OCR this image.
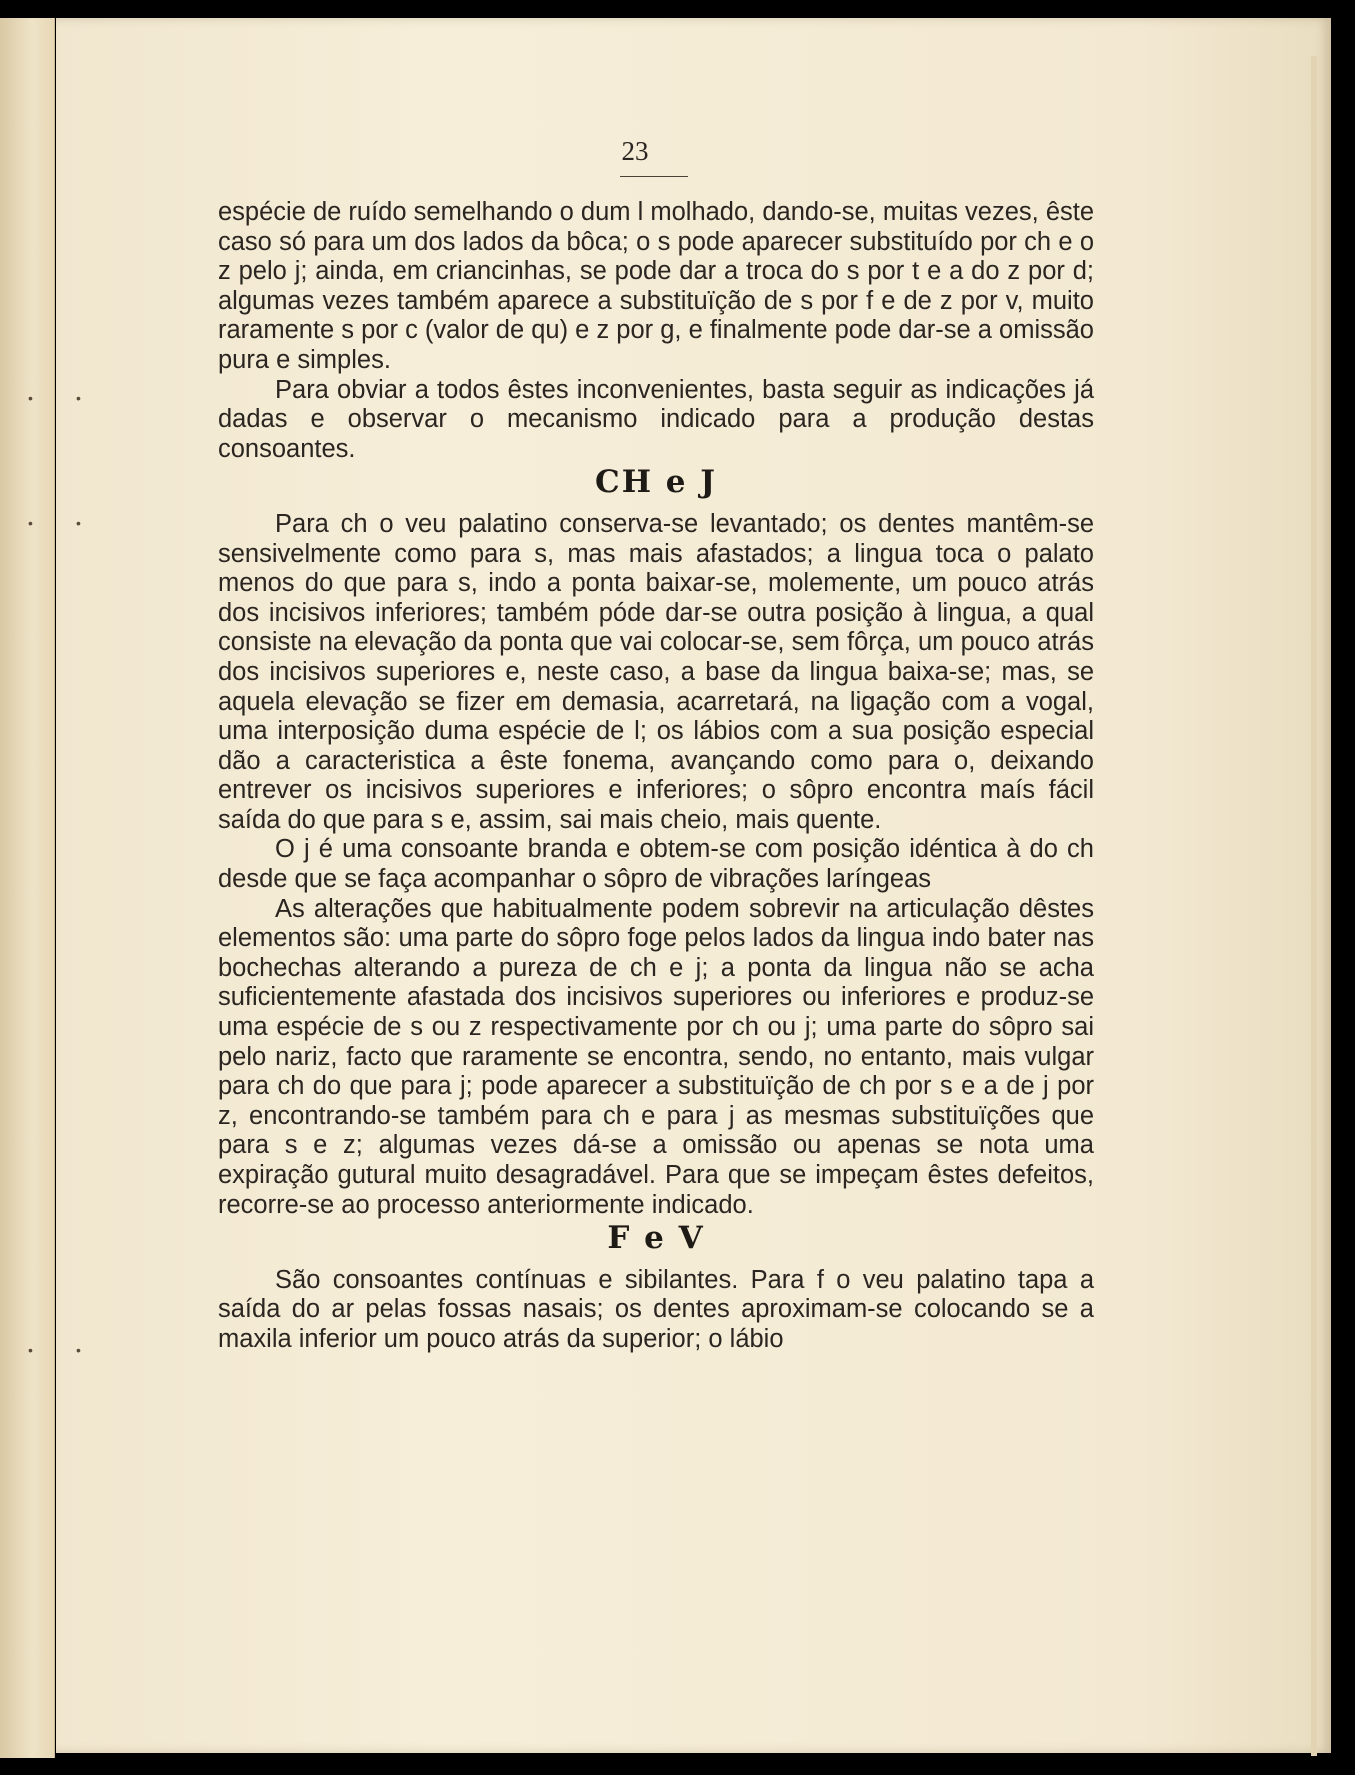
•	•
•	•
•	•
23

espécie de ruído semelhando o dum l molhado, dando-se, muitas vezes, êste caso só para um dos lados da bôca; o s pode aparecer substituído por ch e o z pelo j; ainda, em criancinhas, se pode dar a troca do s por t e a do z por d; algumas vezes também aparece a substituïção de s por f e de z por v, muito raramente s por c (valor de qu) e z por g, e finalmente pode dar-se a omissão pura e simples.

Para obviar a todos êstes inconvenientes, basta seguir as indicações já dadas e observar o mecanismo indicado para a produção destas consoantes.

CH e J

Para ch o veu palatino conserva-se levantado; os dentes mantêm-se sensivelmente como para s, mas mais afastados; a lingua toca o palato menos do que para s, indo a ponta baixar-se, molemente, um pouco atrás dos incisivos inferiores; também póde dar-se outra posição à lingua, a qual consiste na elevação da ponta que vai colocar-se, sem fôrça, um pouco atrás dos incisivos superiores e, neste caso, a base da lingua baixa-se; mas, se aquela elevação se fizer em demasia, acarretará, na ligação com a vogal, uma interposição duma espécie de l; os lábios com a sua posição especial dão a caracteristica a êste fonema, avançando como para o, deixando entrever os incisivos superiores e inferiores; o sôpro encontra maís fácil saída do que para s e, assim, sai mais cheio, mais quente.

O j é uma consoante branda e obtem-se com posição idéntica à do ch desde que se faça acompanhar o sôpro de vibrações laríngeas

As alterações que habitualmente podem sobrevir na articulação dêstes elementos são: uma parte do sôpro foge pelos lados da lingua indo bater nas bochechas alterando a pureza de ch e j; a ponta da lingua não se acha suficientemente afastada dos incisivos superiores ou inferiores e produz-se uma espécie de s ou z respectivamente por ch ou j; uma parte do sôpro sai pelo nariz, facto que raramente se encontra, sendo, no entanto, mais vulgar para ch do que para j; pode aparecer a substituïção de ch por s e a de j por z, encontrando-se também para ch e para j as mesmas substituïções que para s e z; algumas vezes dá-se a omissão ou apenas se nota uma expiração gutural muito desagradável. Para que se impeçam êstes defeitos, recorre-se ao processo anteriormente indicado.

F e V

São consoantes contínuas e sibilantes. Para f o veu palatino tapa a saída do ar pelas fossas nasais; os dentes aproximam-se colocando se a maxila inferior um pouco atrás da superior; o lábio
